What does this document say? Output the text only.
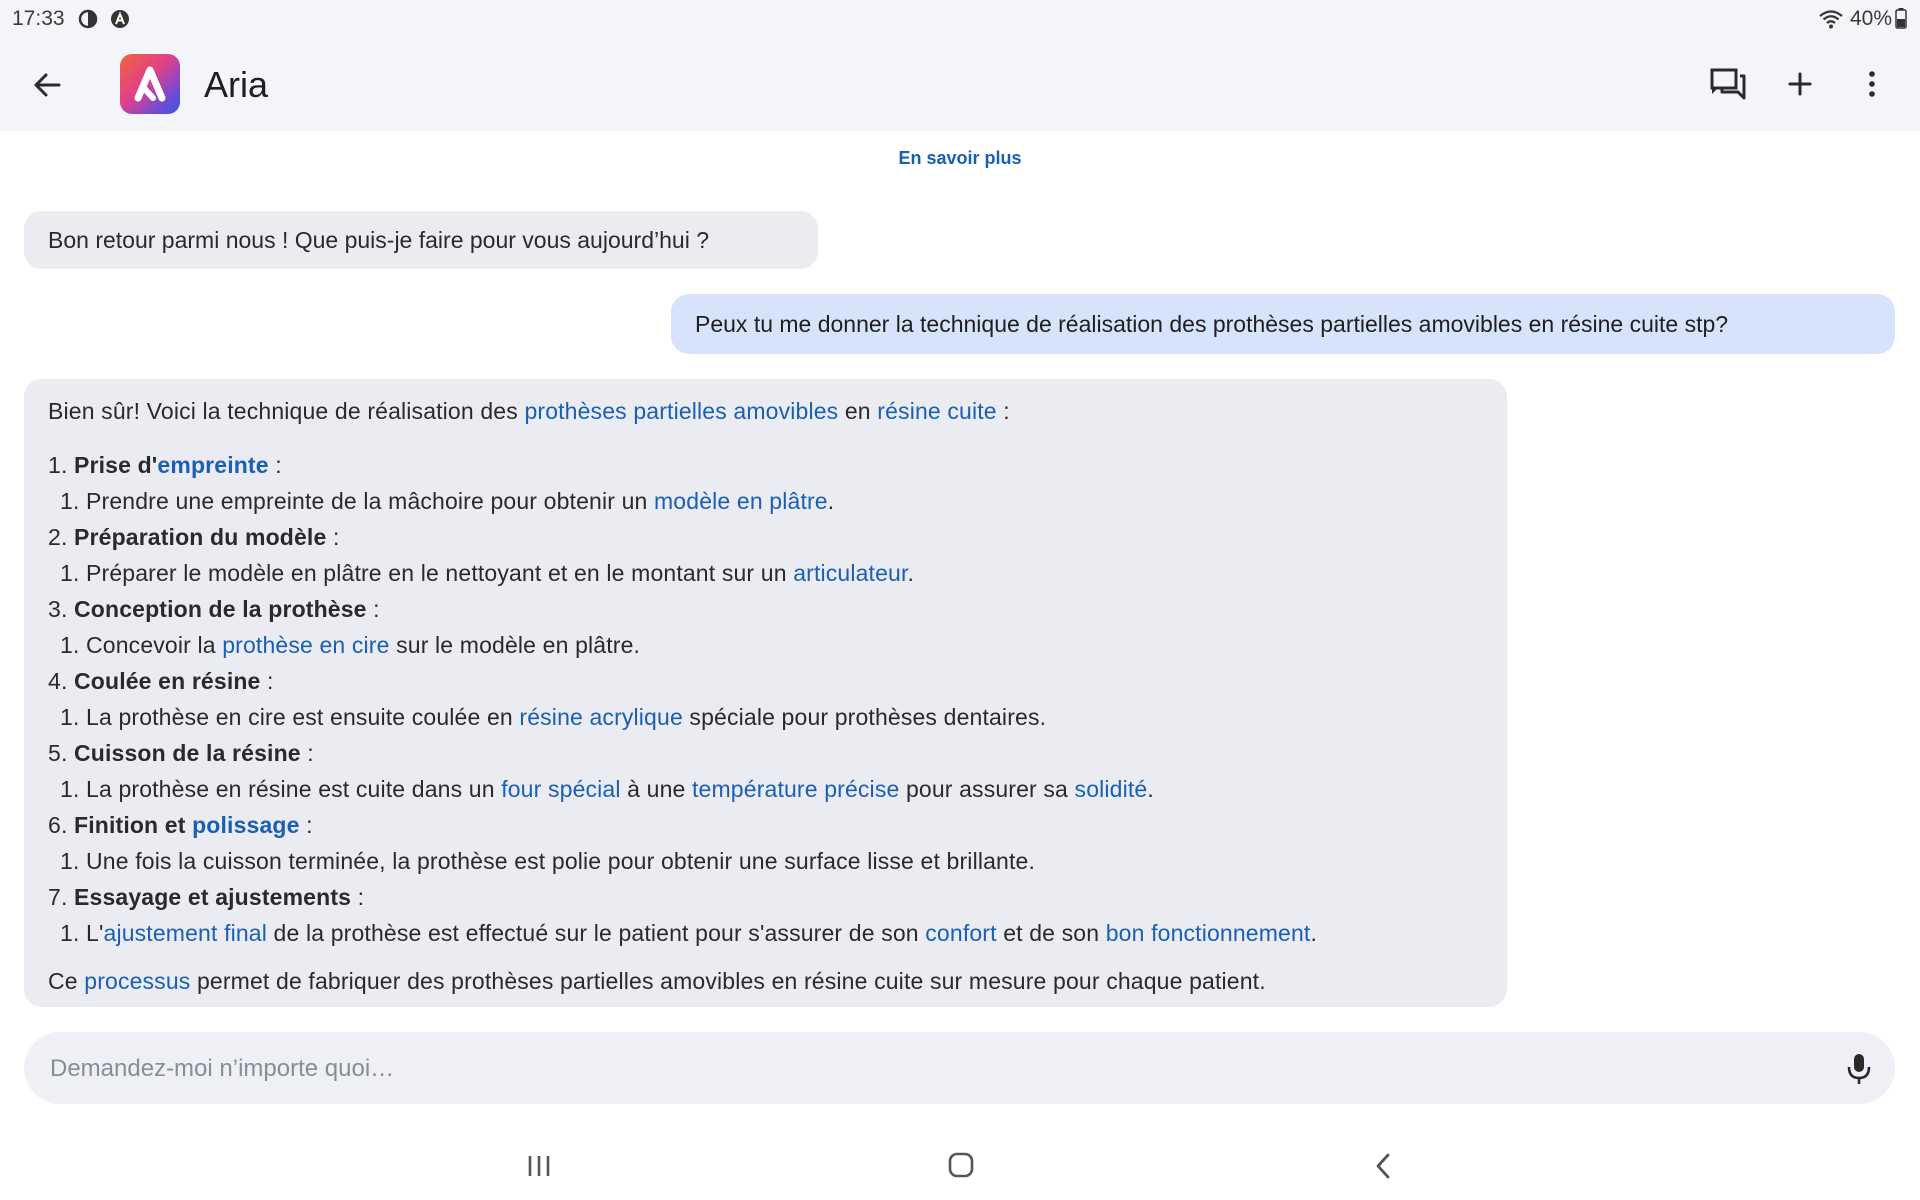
17:33	40%
Aria
En savoir plus
Bon retour parmi nous ! Que puis-je faire pour vous aujourd’hui ?
Peux tu me donner la technique de réalisation des prothèses partielles amovibles en résine cuite stp?
Bien sûr! Voici la technique de réalisation des prothèses partielles amovibles en résine cuite :
1. Prise d'empreinte :
1. Prendre une empreinte de la mâchoire pour obtenir un modèle en plâtre.
2. Préparation du modèle :
1. Préparer le modèle en plâtre en le nettoyant et en le montant sur un articulateur.
3. Conception de la prothèse :
1. Concevoir la prothèse en cire sur le modèle en plâtre.
4. Coulée en résine :
1. La prothèse en cire est ensuite coulée en résine acrylique spéciale pour prothèses dentaires.
5. Cuisson de la résine :
1. La prothèse en résine est cuite dans un four spécial à une température précise pour assurer sa solidité.
6. Finition et polissage :
1. Une fois la cuisson terminée, la prothèse est polie pour obtenir une surface lisse et brillante.
7. Essayage et ajustements :
1. L'ajustement final de la prothèse est effectué sur le patient pour s'assurer de son confort et de son bon fonctionnement.
Ce processus permet de fabriquer des prothèses partielles amovibles en résine cuite sur mesure pour chaque patient.
Demandez-moi n’importe quoi…
